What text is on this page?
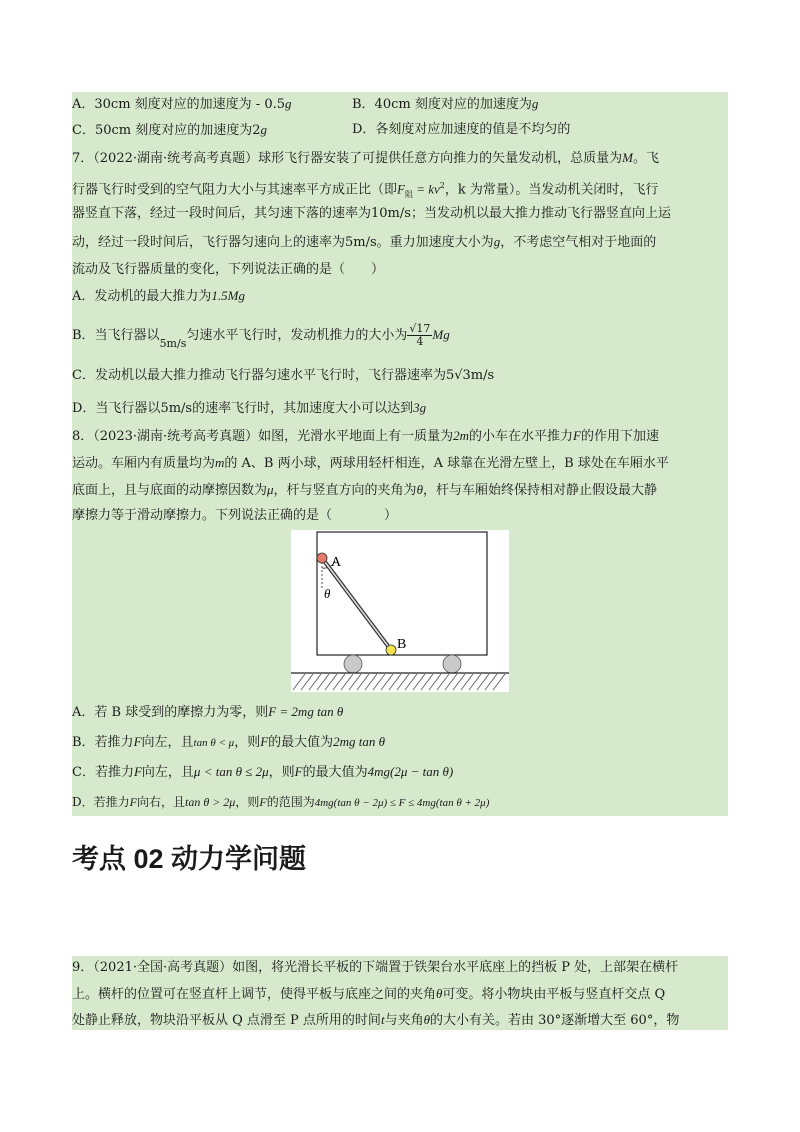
A．30cm 刻度对应的加速度为 - 0.5g	B．40cm 刻度对应的加速度为g
C．50cm 刻度对应的加速度为2g	D．各刻度对应加速度的值是不均匀的
7．（2022·湖南·统考高考真题）球形飞行器安装了可提供任意方向推力的矢量发动机，总质量为M。飞
行器飞行时受到的空气阻力大小与其速率平方成正比（即$F_阻 = kv^2$，k 为常量）。当发动机关闭时，飞行
器竖直下落，经过一段时间后，其匀速下落的速率为10m/s；当发动机以最大推力推动飞行器竖直向上运
动，经过一段时间后，飞行器匀速向上的速率为5m/s。重力加速度大小为g，不考虑空气相对于地面的
流动及飞行器质量的变化，下列说法正确的是（　　）
A．发动机的最大推力为1.5Mg
B．当飞行器以$_{5m/s}$匀速水平飞行时，发动机推力的大小为 $\frac{√17}{4}$ Mg
C．发动机以最大推力推动飞行器匀速水平飞行时，飞行器速率为5√3m/s
D．当飞行器以5m/s的速率飞行时，其加速度大小可以达到3g
8．（2023·湖南·统考高考真题）如图，光滑水平地面上有一质量为2m的小车在水平推力F的作用下加速
运动。车厢内有质量均为m的 A、B 两小球，两球用轻杆相连，A 球靠在光滑左壁上，B 球处在车厢水平
底面上，且与底面的动摩擦因数为μ，杆与竖直方向的夹角为θ，杆与车厢始终保持相对静止假设最大静
摩擦力等于滑动摩擦力。下列说法正确的是（　　　　）
A
B
θ
A．若 B 球受到的摩擦力为零，则F = 2mg tan θ
B．若推力F向左，且tan θ < μ，则F的最大值为2mg tan θ
C．若推力F向左，且μ < tan θ ≤ 2μ，则F的最大值为4mg(2μ − tan θ)
D．若推力F向右，且tan θ > 2μ，则F的范围为4mg(tan θ − 2μ) ≤ F ≤ 4mg(tan θ + 2μ)
考点 02 动力学问题
9．（2021·全国·高考真题）如图，将光滑长平板的下端置于铁架台水平底座上的挡板 P 处，上部架在横杆
上。横杆的位置可在竖直杆上调节，使得平板与底座之间的夹角θ可变。将小物块由平板与竖直杆交点 Q
处静止释放，物块沿平板从 Q 点滑至 P 点所用的时间t与夹角θ的大小有关。若由 30°逐渐增大至 60°，物
